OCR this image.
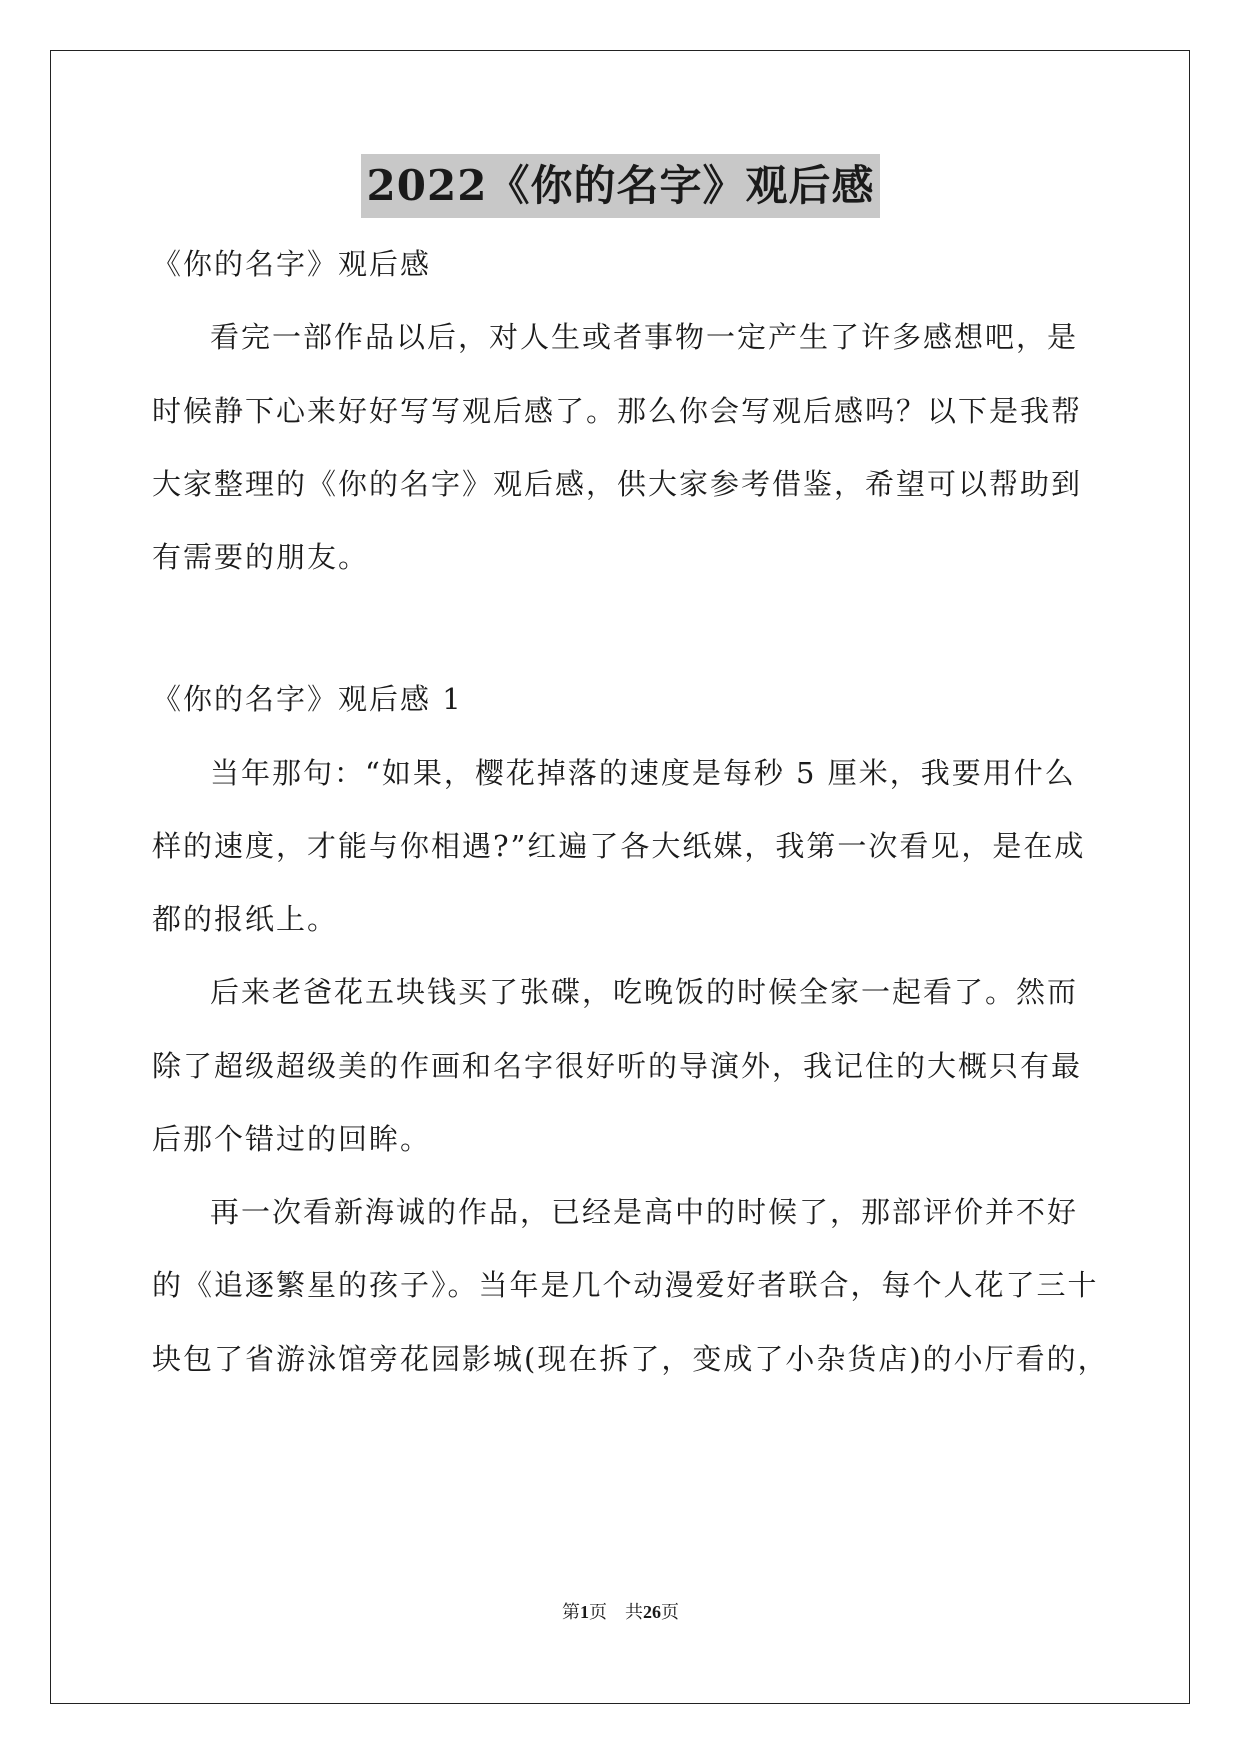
2022《你的名字》观后感
《你的名字》观后感
看完一部作品以后，对人生或者事物一定产生了许多感想吧，是
时候静下心来好好写写观后感了。那么你会写观后感吗？以下是我帮
大家整理的《你的名字》观后感，供大家参考借鉴，希望可以帮助到
有需要的朋友。
《你的名字》观后感 1
当年那句：“如果，樱花掉落的速度是每秒 5 厘米，我要用什么
样的速度，才能与你相遇?”红遍了各大纸媒，我第一次看见，是在成
都的报纸上。
后来老爸花五块钱买了张碟，吃晚饭的时候全家一起看了。然而
除了超级超级美的作画和名字很好听的导演外，我记住的大概只有最
后那个错过的回眸。
再一次看新海诚的作品，已经是高中的时候了，那部评价并不好
的《追逐繁星的孩子》。当年是几个动漫爱好者联合，每个人花了三十
块包了省游泳馆旁花园影城(现在拆了，变成了小杂货店)的小厅看的，
第1页　共26页
